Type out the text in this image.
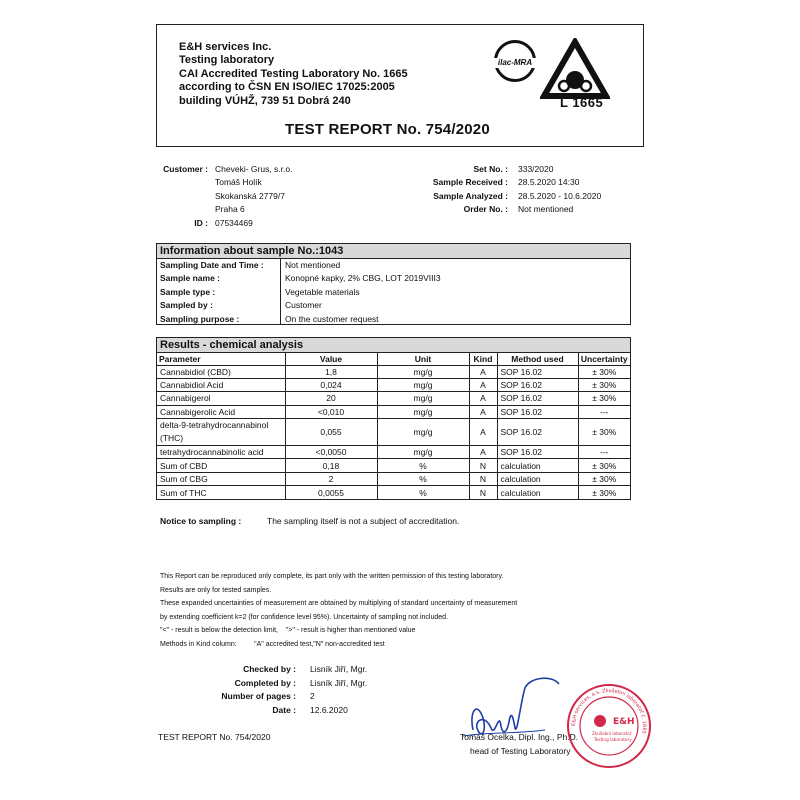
E&H services Inc.
Testing laboratory
CAI Accredited Testing Laboratory No. 1665
according to ČSN EN ISO/IEC 17025:2005
building VÚHŽ, 739 51 Dobrá 240
TEST REPORT No. 754/2020
ilac-MRA
L 1665
Customer : Cheveki- Grus, s.r.o.
Tomáš Holík
Skokanská 2779/7
Praha 6
ID : 07534469
Set No. : 333/2020
Sample Received : 28.5.2020 14:30
Sample Analyzed : 28.5.2020 - 10.6.2020
Order No. : Not mentioned
Information about sample No.:1043
Sampling Date and Time : Not mentioned
Sample name :	Konopné kapky, 2% CBG, LOT 2019VIII3
Sample type :	Vegetable materials
Sampled by :	Customer
Sampling purpose :	On the customer request
Results - chemical analysis
Parameter	Value	Unit	Kind	Method used	Uncertainty
Cannabidiol (CBD)	1,8	mg/g	A	SOP 16.02	± 30%
Cannabidiol Acid	0,024	mg/g	A	SOP 16.02	± 30%
Cannabigerol	20	mg/g	A	SOP 16.02	± 30%
Cannabigerolic Acid	<0,010	mg/g	A	SOP 16.02	---
delta-9-tetrahydrocannabinol
(THC)	0,055	mg/g	A	SOP 16.02	± 30%
tetrahydrocannabinolic acid	<0,0050	mg/g	A	SOP 16.02	---
Sum of CBD	0,18	%	N	calculation	± 30%
Sum of CBG	2	%	N	calculation	± 30%
Sum of THC	0,0055	%	N	calculation	± 30%
Notice to sampling :	The sampling itself is not a subject of accreditation.
This Report can be reproduced only complete, its part only with the written permission of this testing laboratory.
Results are only for tested samples.
These expanded uncertainties of measurement are obtained by multiplying of standard uncertainty of measurement
by extending coefficient k=2 (for confidence level 95%). Uncertainty of sampling not included.
"<" - result is below the detection limit,    ">" - result is higher than mentioned value
Methods in Kind column:         "A" accredited test,"N" non-accredited test
Checked by : Lisník Jiří, Mgr.
Completed by : Lisník Jiří, Mgr.
Number of pages : 2
Date : 12.6.2020
TEST REPORT No. 754/2020	Tomáš Ocelka, Dipl. Ing., Ph.D.
head of Testing Laboratory
E&H services, a.s. Zkušební laboratoř č. 1665
E&H
Zkušební laboratoř
Testing laboratory
